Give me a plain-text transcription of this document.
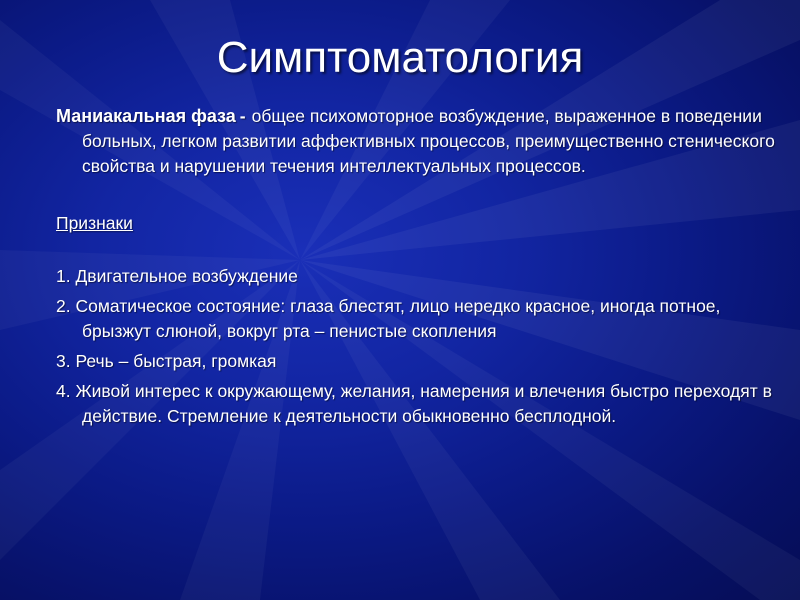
Симптоматология

Маниакальная фаза - общее психомоторное возбуждение, выраженное в поведении больных, легком развитии аффективных процессов, преимущественно стенического свойства и нарушении течения интеллектуальных процессов.

Признаки

1. Двигательное возбуждение

2. Соматическое состояние: глаза блестят, лицо нередко красное, иногда потное, брызжут слюной, вокруг рта – пенистые скопления

3. Речь – быстрая, громкая

4. Живой интерес к окружающему, желания, намерения и влечения быстро переходят в действие. Стремление к деятельности обыкновенно бесплодной.
